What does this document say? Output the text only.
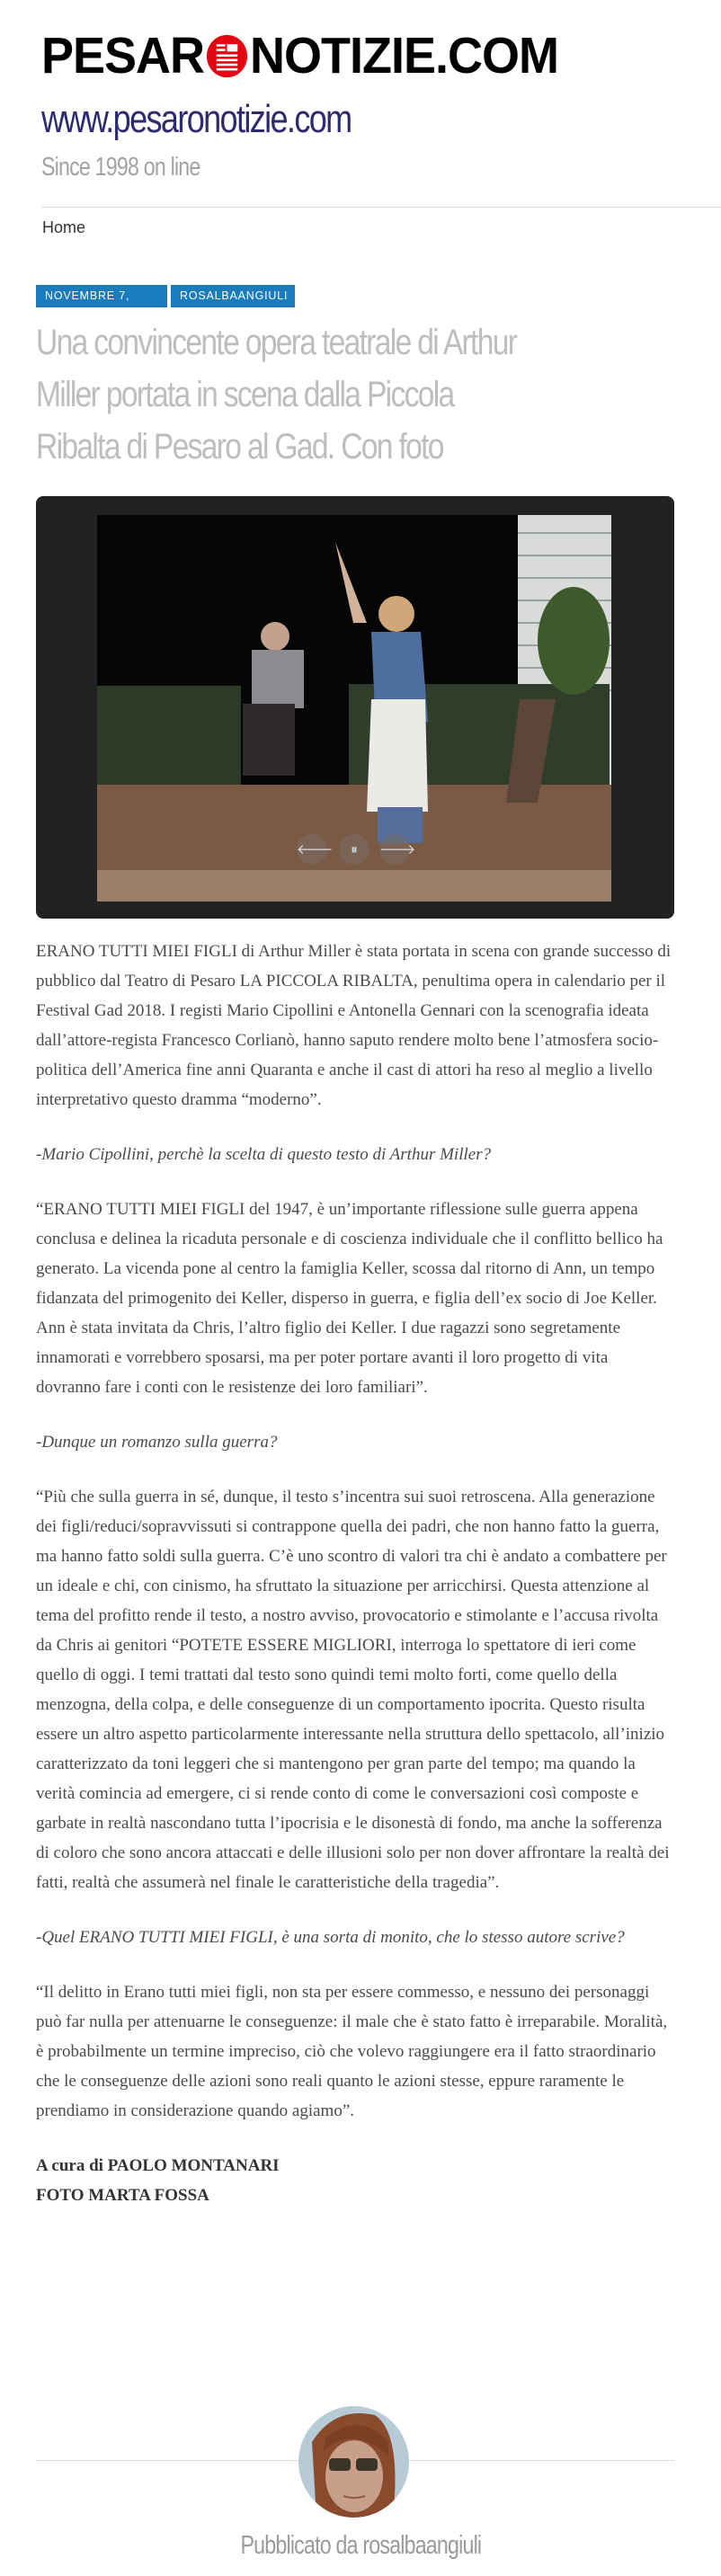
PESAR NOTIZIE.COM
www.pesaronotizie.com
Since 1998 on line
Home
NOVEMBRE 7, 2018
ROSALBAANGIULI
Una convincente opera teatrale di Arthur
Miller portata in scena dalla Piccola
Ribalta di Pesaro al Gad. Con foto
🡐	⏸	🡒

ERANO TUTTI MIEI FIGLI di Arthur Miller è stata portata in scena con grande successo di pubblico dal Teatro di Pesaro LA PICCOLA RIBALTA, penultima opera in calendario per il Festival Gad 2018. I registi Mario Cipollini e Antonella Gennari con la scenografia ideata dall’attore-regista Francesco Corlianò, hanno saputo rendere molto bene l’atmosfera socio-politica dell’America fine anni Quaranta e anche il cast di attori ha reso al meglio a livello interpretativo questo dramma “moderno”.

-Mario Cipollini, perchè la scelta di questo testo di Arthur Miller?

“ERANO TUTTI MIEI FIGLI del 1947, è un’importante riflessione sulle guerra appena conclusa e delinea la ricaduta personale e di coscienza individuale che il conflitto bellico ha generato. La vicenda pone al centro la famiglia Keller, scossa dal ritorno di Ann, un tempo fidanzata del primogenito dei Keller, disperso in guerra, e figlia dell’ex socio di Joe Keller. Ann è stata invitata da Chris, l’altro figlio dei Keller. I due ragazzi sono segretamente innamorati e vorrebbero sposarsi, ma per poter portare avanti il loro progetto di vita dovranno fare i conti con le resistenze dei loro familiari”.

-Dunque un romanzo sulla guerra?

“Più che sulla guerra in sé, dunque, il testo s’incentra sui suoi retroscena. Alla generazione dei figli/reduci/sopravvissuti si contrappone quella dei padri, che non hanno fatto la guerra, ma hanno fatto soldi sulla guerra. C’è uno scontro di valori tra chi è andato a combattere per un ideale e chi, con cinismo, ha sfruttato la situazione per arricchirsi. Questa attenzione al tema del profitto rende il testo, a nostro avviso, provocatorio e stimolante e l’accusa rivolta da Chris ai genitori “POTETE ESSERE MIGLIORI, interroga lo spettatore di ieri come quello di oggi. I temi trattati dal testo sono quindi temi molto forti, come quello della menzogna, della colpa, e delle conseguenze di un comportamento ipocrita. Questo risulta essere un altro aspetto particolarmente interessante nella struttura dello spettacolo, all’inizio caratterizzato da toni leggeri che si mantengono per gran parte del tempo; ma quando la verità comincia ad emergere, ci si rende conto di come le conversazioni così composte e garbate in realtà nascondano tutta l’ipocrisia e le disonestà di fondo, ma anche la sofferenza di coloro che sono ancora attaccati e delle illusioni solo per non dover affrontare la realtà dei fatti, realtà che assumerà nel finale le caratteristiche della tragedia”.

-Quel ERANO TUTTI MIEI FIGLI, è una sorta di monito, che lo stesso autore scrive?

“Il delitto in Erano tutti miei figli, non sta per essere commesso, e nessuno dei personaggi può far nulla per attenuarne le conseguenze: il male che è stato fatto è irreparabile. Moralità, è probabilmente un termine impreciso, ciò che volevo raggiungere era il fatto straordinario che le conseguenze delle azioni sono reali quanto le azioni stesse, eppure raramente le prendiamo in considerazione quando agiamo”.

A cura di PAOLO MONTANARI
FOTO MARTA FOSSA

Pubblicato da rosalbaangiuli
